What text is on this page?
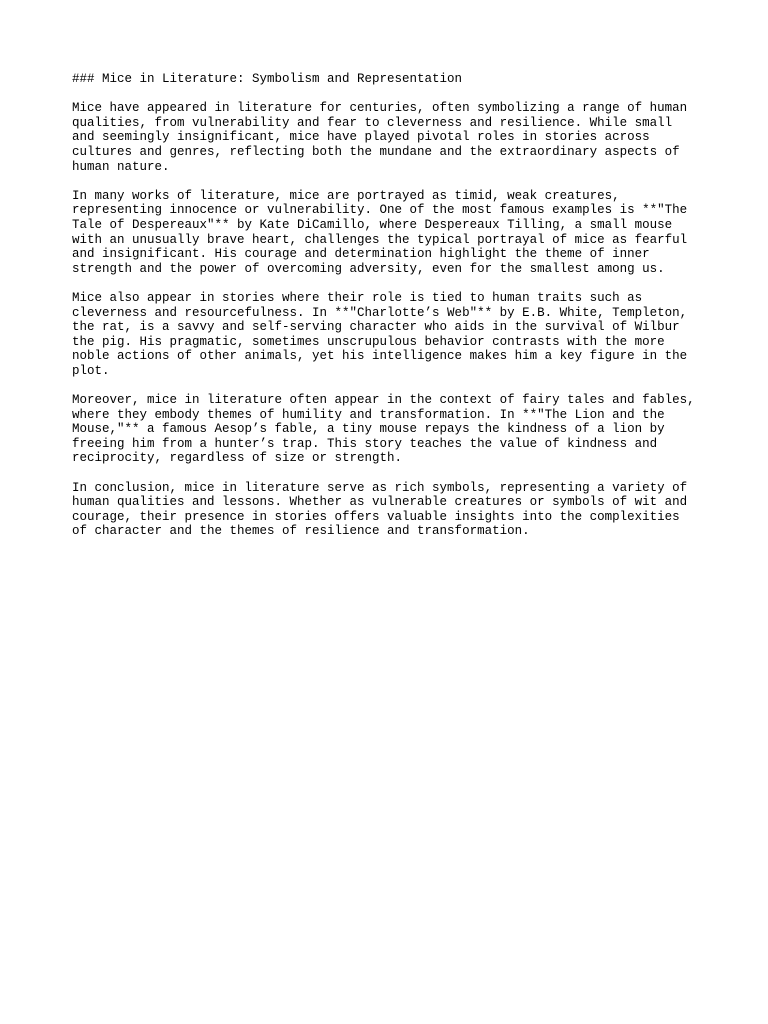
### Mice in Literature: Symbolism and Representation

Mice have appeared in literature for centuries, often symbolizing a range of human
qualities, from vulnerability and fear to cleverness and resilience. While small
and seemingly insignificant, mice have played pivotal roles in stories across
cultures and genres, reflecting both the mundane and the extraordinary aspects of
human nature.

In many works of literature, mice are portrayed as timid, weak creatures,
representing innocence or vulnerability. One of the most famous examples is **"The
Tale of Despereaux"** by Kate DiCamillo, where Despereaux Tilling, a small mouse
with an unusually brave heart, challenges the typical portrayal of mice as fearful
and insignificant. His courage and determination highlight the theme of inner
strength and the power of overcoming adversity, even for the smallest among us.

Mice also appear in stories where their role is tied to human traits such as
cleverness and resourcefulness. In **"Charlotte’s Web"** by E.B. White, Templeton,
the rat, is a savvy and self-serving character who aids in the survival of Wilbur
the pig. His pragmatic, sometimes unscrupulous behavior contrasts with the more
noble actions of other animals, yet his intelligence makes him a key figure in the
plot.

Moreover, mice in literature often appear in the context of fairy tales and fables,
where they embody themes of humility and transformation. In **"The Lion and the
Mouse,"** a famous Aesop’s fable, a tiny mouse repays the kindness of a lion by
freeing him from a hunter’s trap. This story teaches the value of kindness and
reciprocity, regardless of size or strength.

In conclusion, mice in literature serve as rich symbols, representing a variety of
human qualities and lessons. Whether as vulnerable creatures or symbols of wit and
courage, their presence in stories offers valuable insights into the complexities
of character and the themes of resilience and transformation.
